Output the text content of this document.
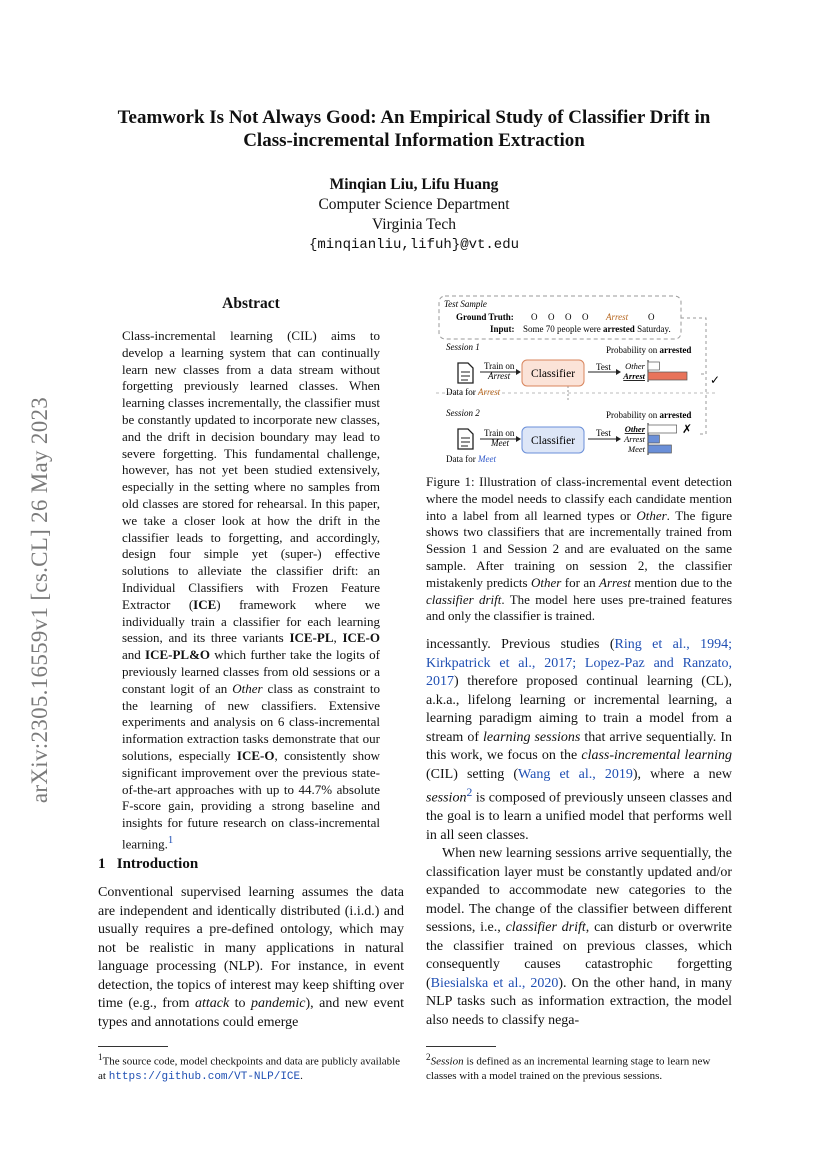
arXiv:2305.16559v1 [cs.CL] 26 May 2023
Teamwork Is Not Always Good: An Empirical Study of Classifier Drift in Class-incremental Information Extraction
Minqian Liu, Lifu Huang
Computer Science Department
Virginia Tech
{minqianliu,lifuh}@vt.edu
Abstract
Class-incremental learning (CIL) aims to develop a learning system that can continually learn new classes from a data stream without forgetting previously learned classes. When learning classes incrementally, the classifier must be constantly updated to incorporate new classes, and the drift in decision boundary may lead to severe forgetting. This fundamental challenge, however, has not yet been studied extensively, especially in the setting where no samples from old classes are stored for rehearsal. In this paper, we take a closer look at how the drift in the classifier leads to forgetting, and accordingly, design four simple yet (super-) effective solutions to alleviate the classifier drift: an Individual Classifiers with Frozen Feature Extractor (ICE) framework where we individually train a classifier for each learning session, and its three variants ICE-PL, ICE-O and ICE-PL&O which further take the logits of previously learned classes from old sessions or a constant logit of an Other class as constraint to the learning of new classifiers. Extensive experiments and analysis on 6 class-incremental information extraction tasks demonstrate that our solutions, especially ICE-O, consistently show significant improvement over the previous state-of-the-art approaches with up to 44.7% absolute F-score gain, providing a strong baseline and insights for future research on class-incremental learning.$^1$
1 Introduction
Conventional supervised learning assumes the data are independent and identically distributed (i.i.d.) and usually requires a pre-defined ontology, which may not be realistic in many applications in natural language processing (NLP). For instance, in event detection, the topics of interest may keep shifting over time (e.g., from attack to pandemic), and new event types and annotations could emerge
$^1$The source code, model checkpoints and data are publicly available at https://github.com/VT-NLP/ICE.
Test Sample
Ground Truth: O O O O Arrest O
Input: Some 70 people were arrested Saturday.
Session 1	Probability on arrested
Train on
Arrest Classifier
Test
Data for Arrest
Other
Arrest	✓
Session 2	Probability on arrested
Train on
Meet Classifier
Test
Data for Meet
Other
Arrest
Meet
✗
Figure 1: Illustration of class-incremental event detection where the model needs to classify each candidate mention into a label from all learned types or Other. The figure shows two classifiers that are incrementally trained from Session 1 and Session 2 and are evaluated on the same sample. After training on session 2, the classifier mistakenly predicts Other for an Arrest mention due to the classifier drift. The model here uses pre-trained features and only the classifier is trained.

incessantly. Previous studies (Ring et al., 1994; Kirkpatrick et al., 2017; Lopez-Paz and Ranzato, 2017) therefore proposed continual learning (CL), a.k.a., lifelong learning or incremental learning, a learning paradigm aiming to train a model from a stream of learning sessions that arrive sequentially. In this work, we focus on the class-incremental learning (CIL) setting (Wang et al., 2019), where a new session$^2$ is composed of previously unseen classes and the goal is to learn a unified model that performs well in all seen classes.

When new learning sessions arrive sequentially, the classification layer must be constantly updated and/or expanded to accommodate new categories to the model. The change of the classifier between different sessions, i.e., classifier drift, can disturb or overwrite the classifier trained on previous classes, which consequently causes catastrophic forgetting (Biesialska et al., 2020). On the other hand, in many NLP tasks such as information extraction, the model also needs to classify nega-

$^2$Session is defined as an incremental learning stage to learn new classes with a model trained on the previous sessions.
